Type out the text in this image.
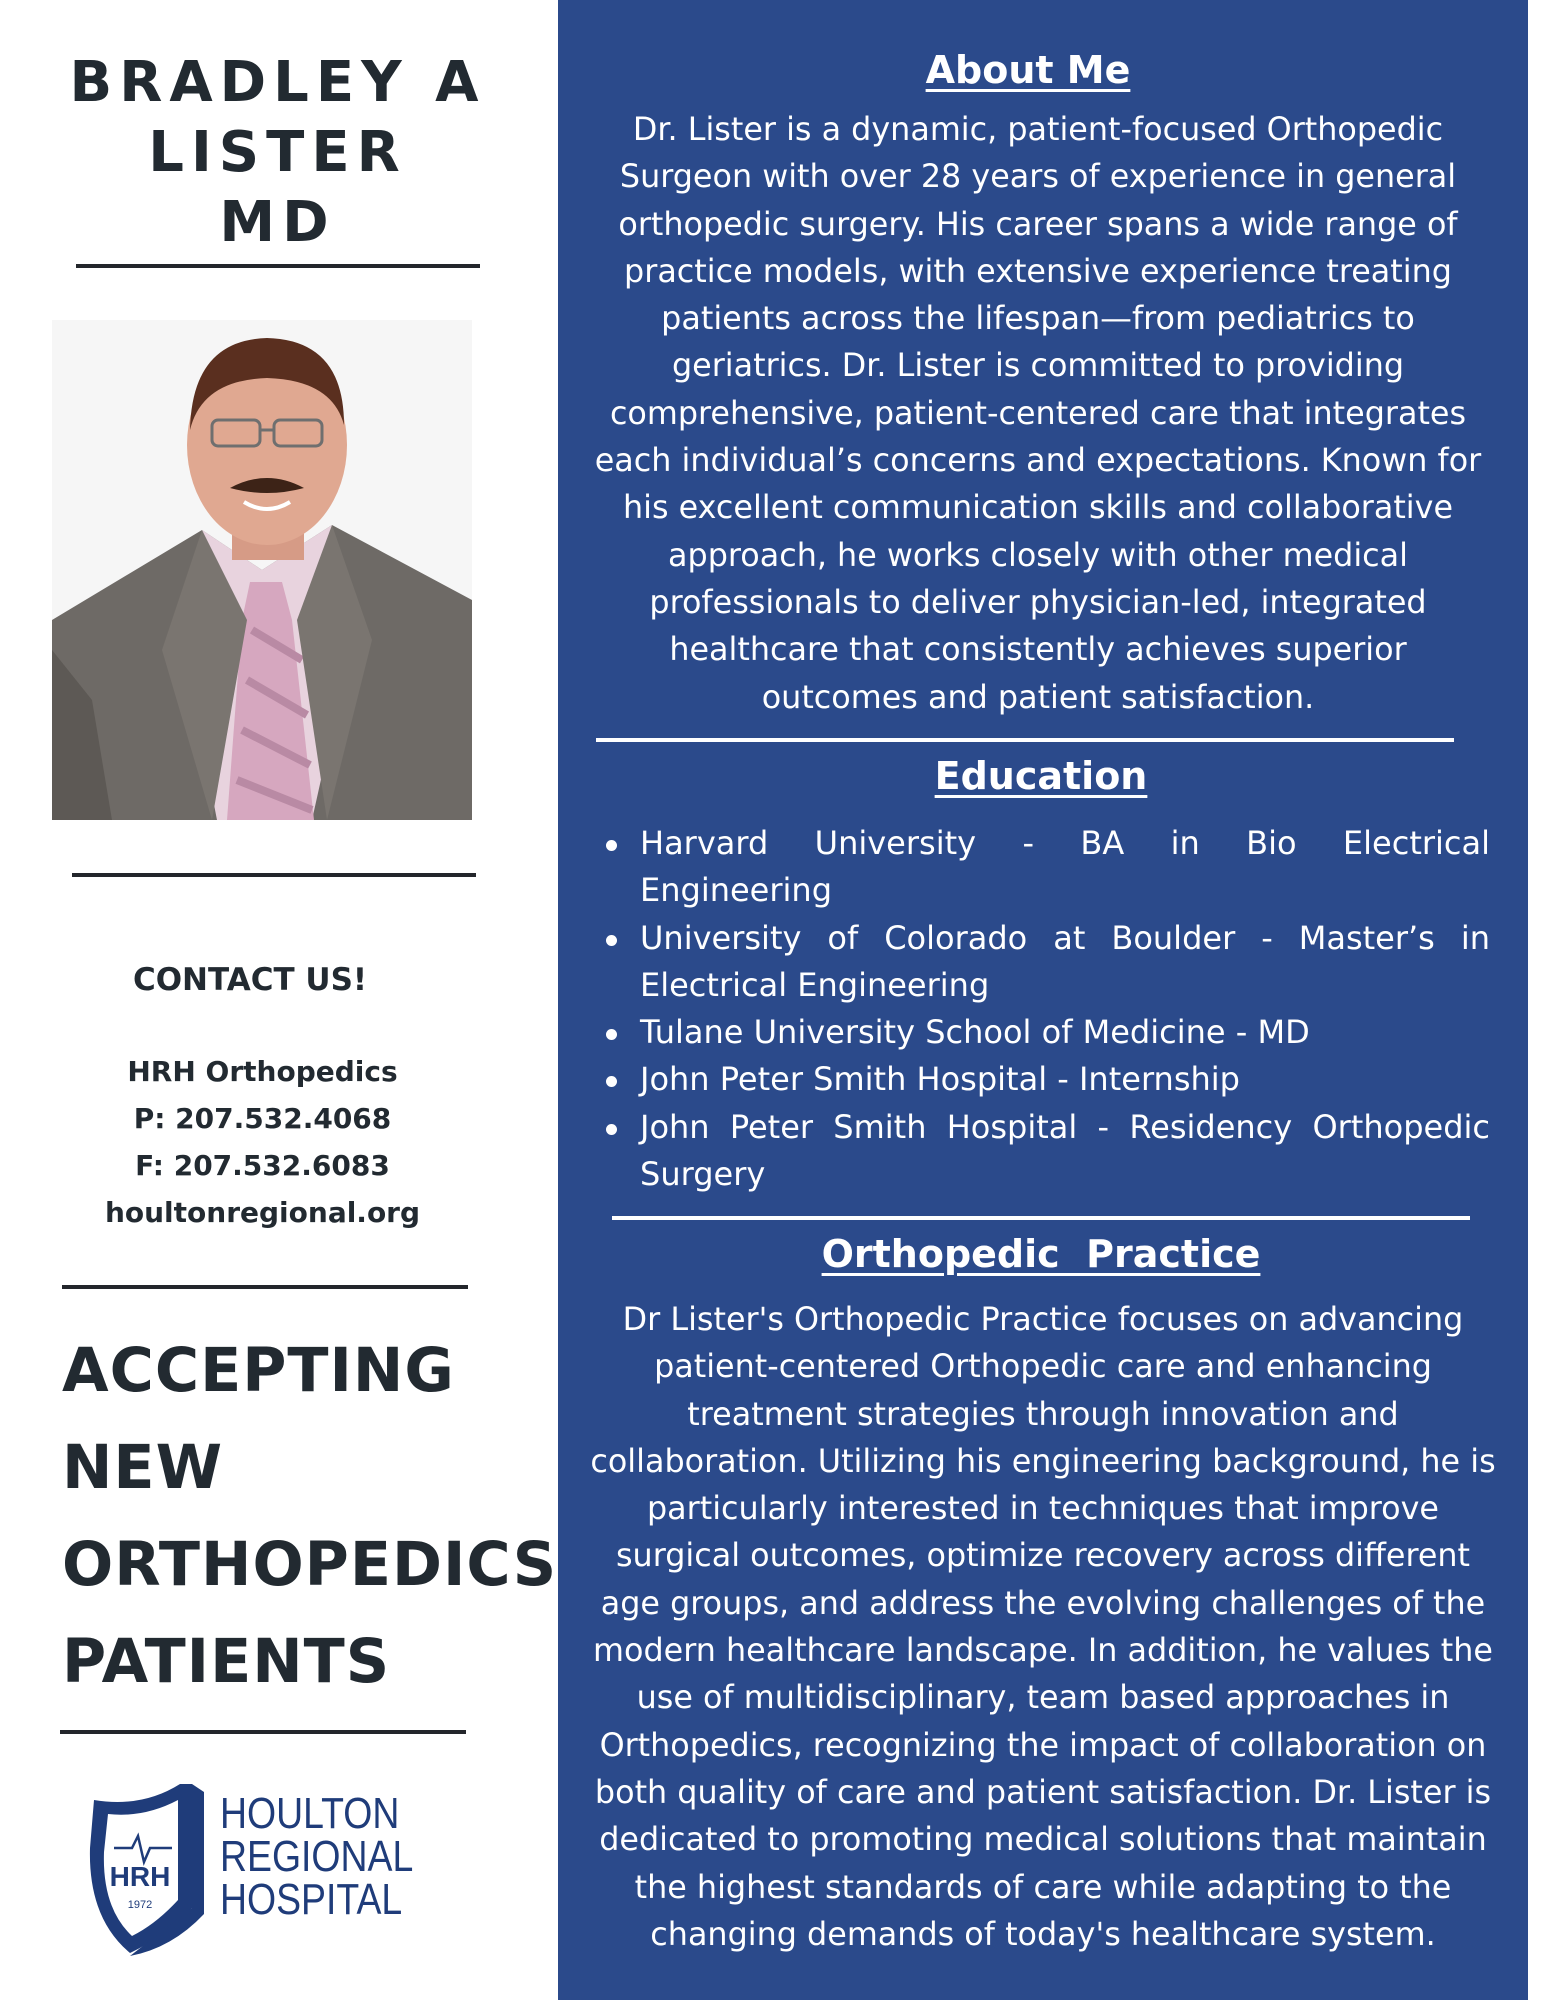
BRADLEY A
LISTER
MD
CONTACT US!
HRH Orthopedics
P: 207.532.4068
F: 207.532.6083
houltonregional.org
ACCEPTING
NEW
ORTHOPEDICS
PATIENTS
HRH
1972
HOULTON
REGIONAL
HOSPITAL
About Me
Dr. Lister is a dynamic, patient-focused Orthopedic
Surgeon with over 28 years of experience in general
orthopedic surgery. His career spans a wide range of
practice models, with extensive experience treating
patients across the lifespan—from pediatrics to
geriatrics. Dr. Lister is committed to providing
comprehensive, patient-centered care that integrates
each individual’s concerns and expectations. Known for
his excellent communication skills and collaborative
approach, he works closely with other medical
professionals to deliver physician-led, integrated
healthcare that consistently achieves superior
outcomes and patient satisfaction.
Education
Harvard University - BA in Bio Electrical
Engineering
University of Colorado at Boulder - Master’s in
Electrical Engineering
Tulane University School of Medicine - MD
John Peter Smith Hospital - Internship
John Peter Smith Hospital - Residency Orthopedic
Surgery
Orthopedic  Practice
Dr Lister's Orthopedic Practice focuses on advancing
patient-centered Orthopedic care and enhancing
treatment strategies through innovation and
collaboration. Utilizing his engineering background, he is
particularly interested in techniques that improve
surgical outcomes, optimize recovery across different
age groups, and address the evolving challenges of the
modern healthcare landscape. In addition, he values the
use of multidisciplinary, team based approaches in
Orthopedics, recognizing the impact of collaboration on
both quality of care and patient satisfaction. Dr. Lister is
dedicated to promoting medical solutions that maintain
the highest standards of care while adapting to the
changing demands of today's healthcare system.
